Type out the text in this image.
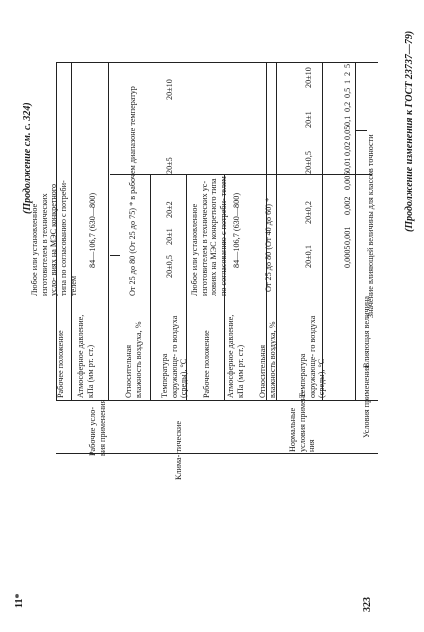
(Продолжение изменения к ГОСТ 23737—79)
Условия применения
Влияющая величина
Значение влияющей величины для классов точности
0,0005
0,001
0,002
0,005
0,01
0,02
0,05
0,1
0,2
0,5
1
2
5
Нормальные условия примене- ния
Температура окружающе- го воздуха (среды), °C
20±0,1
20±0,2
20±0,5
20±1
20±10
Относительная влажность воздуха, %
От 25 до 80 (От 40 до 60) *
Атмосферное давление, кПа (мм рт. ст.)
84—106,7 (630—800)
Рабочее положение
Любое или установленное изготовителем в технических ус- ловиях на МЭС конкретного типа по согласованию с потреби- телем
Рабочие усло- вия применения	Клима- тические
Температура окружающе- го воздуха (среды), °C
20±0,5
20±1
20±2
20±5
20±10
Относительная влажность воздуха, %
От 25 до 80 (От 25 до 75) * в рабочем диапазоне температур
Атмосферное давление, кПа (мм рт. ст.)
84—106,7 (630—800)
Рабочее положение
Любое или установленное изготовителем в технических усло- виях на МЭС конкретного типа по согласованию с потреби- телем
11*	323
(Продолжение см. с. 324)
